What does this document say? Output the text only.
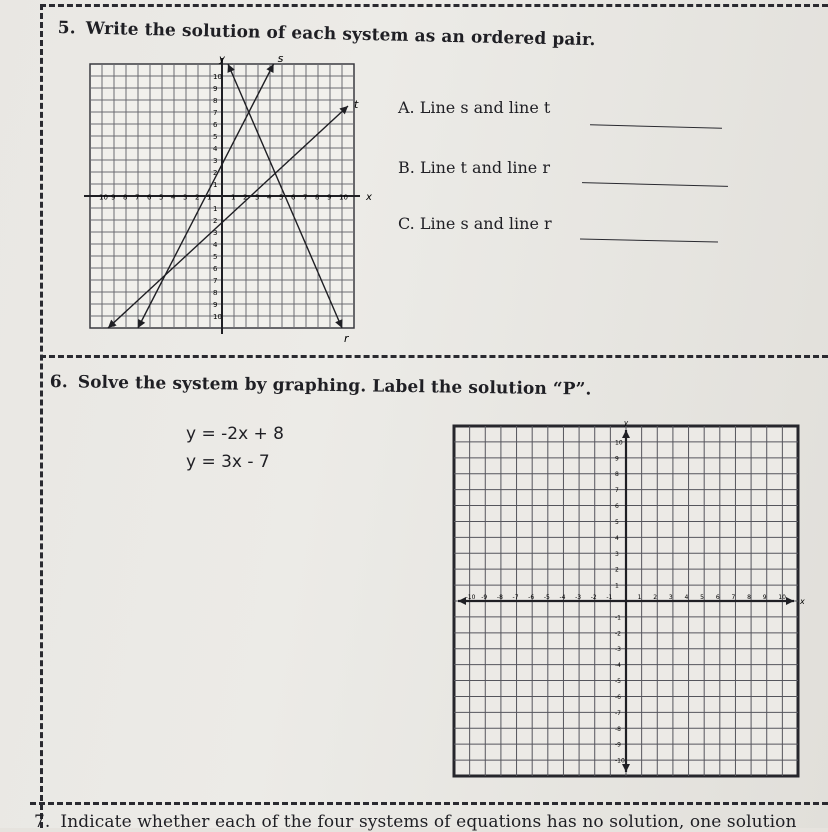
5. Write the solution of each system as an ordered pair.
x
y
10 9 8 7 6 5 4 3 2 1	1 2 3 4 5 6 7 8 9 10
10
9
8
7
6
5
4
3
2
1
1
2
3
4
5
6
7
8
9
10
s
t
r
A. Line s and line t
B. Line t and line r
C. Line s and line r
6. Solve the system by graphing. Label the solution “P”.
y = -2x + 8
y = 3x - 7
y
x
-10 -9 -8 -7 -6 -5 -4 -3 -2 -1	1 2 3 4 5 6 7 8 9 10
10
9
8
7
6
5
4
3
2
1
-1
-2
-3
-4
-5
-6
-7
-8
-9
-10
7. Indicate whether each of the four systems of equations has no solution, one solution
